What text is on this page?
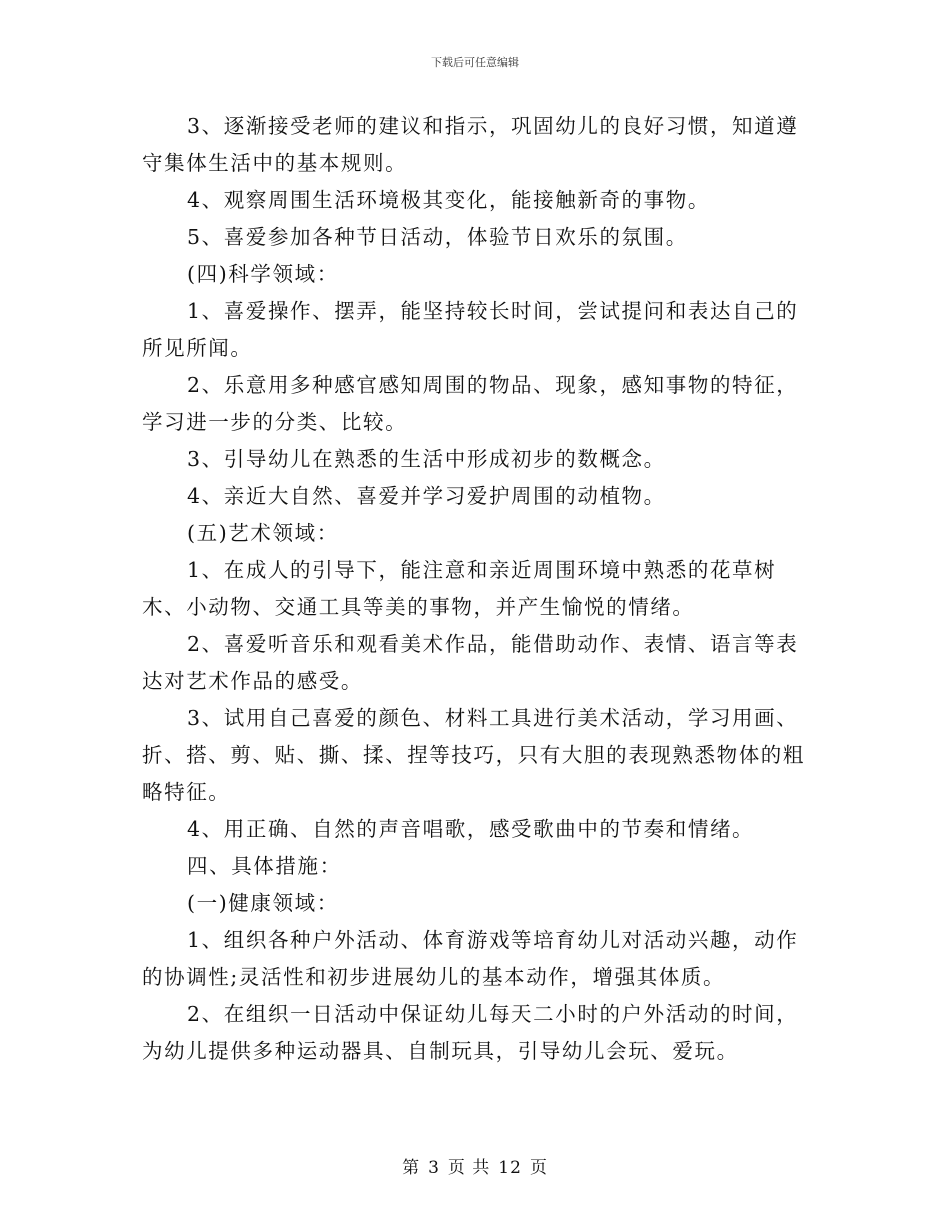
下载后可任意编辑

3、逐渐接受老师的建议和指示，巩固幼儿的良好习惯，知道遵守集体生活中的基本规则。

4、观察周围生活环境极其变化，能接触新奇的事物。

5、喜爱参加各种节日活动，体验节日欢乐的氛围。

(四)科学领域：

1、喜爱操作、摆弄，能坚持较长时间，尝试提问和表达自己的所见所闻。

2、乐意用多种感官感知周围的物品、现象，感知事物的特征，学习进一步的分类、比较。

3、引导幼儿在熟悉的生活中形成初步的数概念。

4、亲近大自然、喜爱并学习爱护周围的动植物。

(五)艺术领域：

1、在成人的引导下，能注意和亲近周围环境中熟悉的花草树木、小动物、交通工具等美的事物，并产生愉悦的情绪。

2、喜爱听音乐和观看美术作品，能借助动作、表情、语言等表达对艺术作品的感受。

3、试用自己喜爱的颜色、材料工具进行美术活动，学习用画、折、搭、剪、贴、撕、揉、捏等技巧，只有大胆的表现熟悉物体的粗略特征。

4、用正确、自然的声音唱歌，感受歌曲中的节奏和情绪。

四、具体措施：

(一)健康领域：

1、组织各种户外活动、体育游戏等培育幼儿对活动兴趣，动作的协调性;灵活性和初步进展幼儿的基本动作，增强其体质。

2、在组织一日活动中保证幼儿每天二小时的户外活动的时间，为幼儿提供多种运动器具、自制玩具，引导幼儿会玩、爱玩。

第 3 页 共 12 页
